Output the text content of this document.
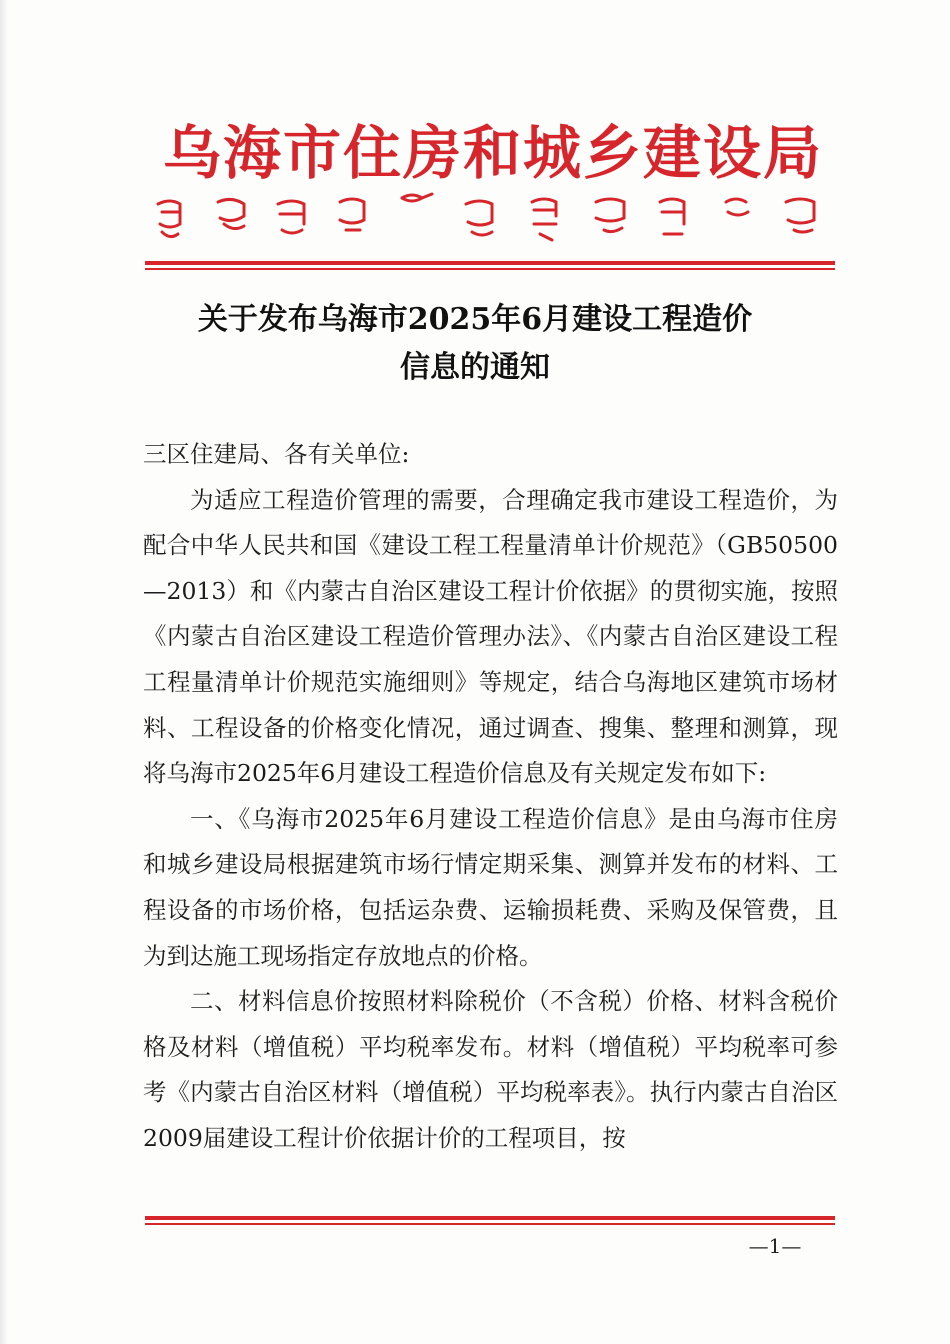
乌海市住房和城乡建设局
关于发布乌海市2025年6月建设工程造价
信息的通知

三区住建局、各有关单位:

为适应工程造价管理的需要，合理确定我市建设工程造价，为配合中华人民共和国《建设工程工程量清单计价规范》（GB50500—2013）和《内蒙古自治区建设工程计价依据》的贯彻实施，按照《内蒙古自治区建设工程造价管理办法》、《内蒙古自治区建设工程工程量清单计价规范实施细则》等规定，结合乌海地区建筑市场材料、工程设备的价格变化情况，通过调查、搜集、整理和测算，现将乌海市2025年6月建设工程造价信息及有关规定发布如下:

一、《乌海市2025年6月建设工程造价信息》是由乌海市住房和城乡建设局根据建筑市场行情定期采集、测算并发布的材料、工程设备的市场价格，包括运杂费、运输损耗费、采购及保管费，且为到达施工现场指定存放地点的价格。

二、材料信息价按照材料除税价（不含税）价格、材料含税价格及材料（增值税）平均税率发布。材料（增值税）平均税率可参考《内蒙古自治区材料（增值税）平均税率表》。执行内蒙古自治区2009届建设工程计价依据计价的工程项目，按

—1—
